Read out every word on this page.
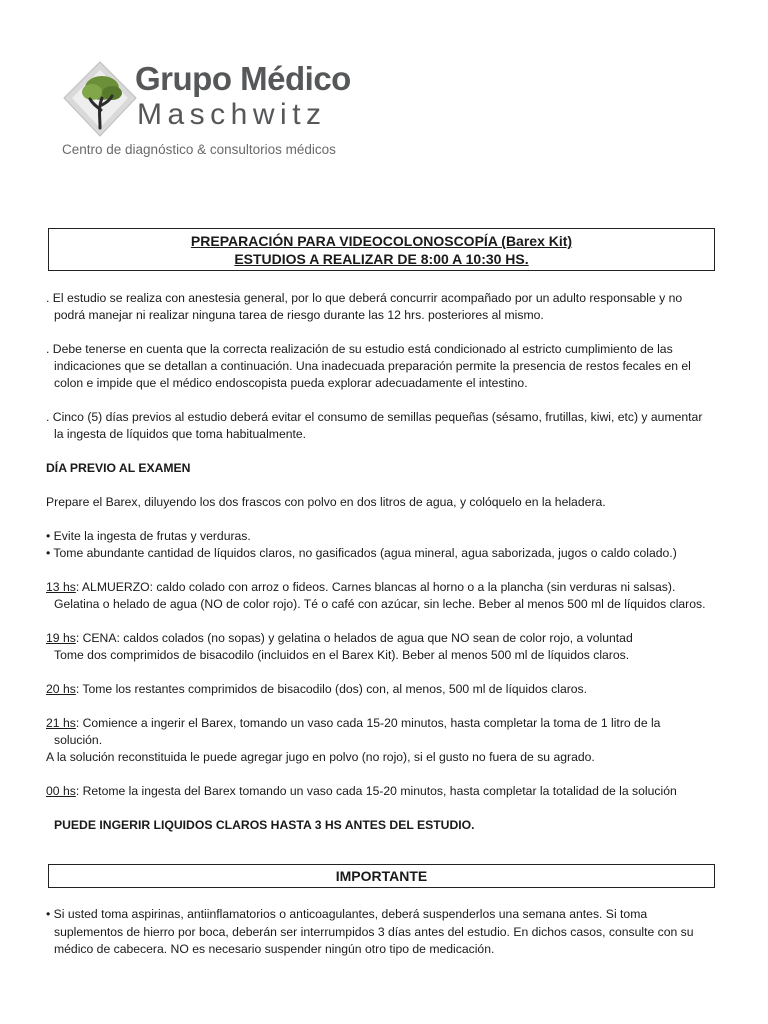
Grupo Médico
Maschwitz
Centro de diagnóstico & consultorios médicos
PREPARACIÓN PARA VIDEOCOLONOSCOPÍA (Barex Kit)
ESTUDIOS A REALIZAR DE 8:00 A 10:30 HS.
. El estudio se realiza con anestesia general, por lo que deberá concurrir acompañado por un adulto responsable y no
podrá manejar ni realizar ninguna tarea de riesgo durante las 12 hrs. posteriores al mismo.
. Debe tenerse en cuenta que la correcta realización de su estudio está condicionado al estricto cumplimiento de las
indicaciones que se detallan a continuación. Una inadecuada preparación permite la presencia de restos fecales en el
colon e impide que el médico endoscopista pueda explorar adecuadamente el intestino.
. Cinco (5) días previos al estudio deberá evitar el consumo de semillas pequeñas (sésamo, frutillas, kiwi, etc) y aumentar
la ingesta de líquidos que toma habitualmente.
DÍA PREVIO AL EXAMEN
Prepare el Barex, diluyendo los dos frascos con polvo en dos litros de agua, y colóquelo en la heladera.
• Evite la ingesta de frutas y verduras.
• Tome abundante cantidad de líquidos claros, no gasificados (agua mineral, agua saborizada, jugos o caldo colado.)
13 hs: ALMUERZO: caldo colado con arroz o fideos. Carnes blancas al horno o a la plancha (sin verduras ni salsas).
Gelatina o helado de agua (NO de color rojo). Té o café con azúcar, sin leche. Beber al menos 500 ml de líquidos claros.
19 hs: CENA: caldos colados (no sopas) y gelatina o helados de agua que NO sean de color rojo, a voluntad
Tome dos comprimidos de bisacodilo (incluidos en el Barex Kit). Beber al menos 500 ml de líquidos claros.
20 hs: Tome los restantes comprimidos de bisacodilo (dos) con, al menos, 500 ml de líquidos claros.
21 hs: Comience a ingerir el Barex, tomando un vaso cada 15-20 minutos, hasta completar la toma de 1 litro de la
solución.
A la solución reconstituida le puede agregar jugo en polvo (no rojo), si el gusto no fuera de su agrado.
00 hs: Retome la ingesta del Barex tomando un vaso cada 15-20 minutos, hasta completar la totalidad de la solución
PUEDE INGERIR LIQUIDOS CLAROS HASTA 3 HS ANTES DEL ESTUDIO.
IMPORTANTE
• Si usted toma aspirinas, antiinflamatorios o anticoagulantes, deberá suspenderlos una semana antes. Si toma
suplementos de hierro por boca, deberán ser interrumpidos 3 días antes del estudio. En dichos casos, consulte con su
médico de cabecera. NO es necesario suspender ningún otro tipo de medicación.
